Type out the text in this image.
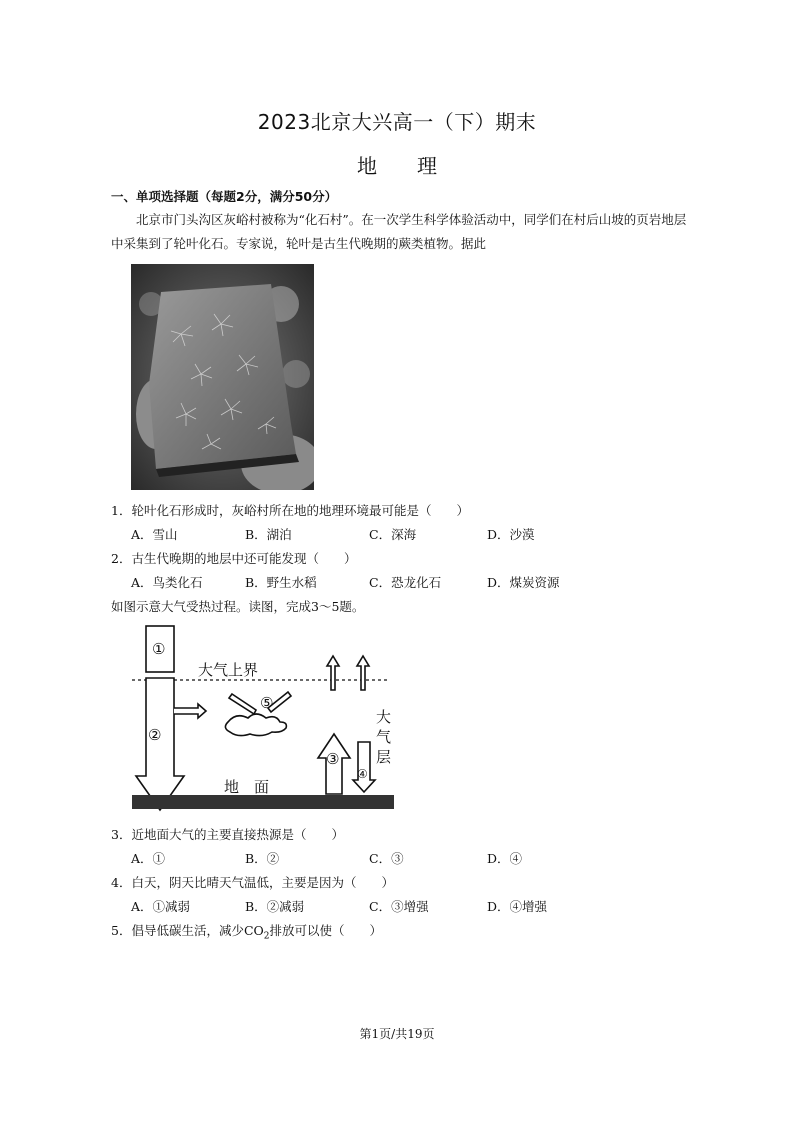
2023北京大兴高一（下）期末
地　　理
一、单项选择题（每题2分，满分50分）
北京市门头沟区灰峪村被称为“化石村”。在一次学生科学体验活动中，同学们在村后山坡的页岩地层中采集到了轮叶化石。专家说，轮叶是古生代晚期的蕨类植物。据此
1．轮叶化石形成时，灰峪村所在地的地理环境最可能是（　　）
A．雪山	B．湖泊	C．深海	D．沙漠
2．古生代晚期的地层中还可能发现（　　）
A．鸟类化石	B．野生水稻	C．恐龙化石	D．煤炭资源
如图示意大气受热过程。读图，完成3～5题。
①
②
③
④
⑤
大气上界
大
气
层
地　面
3．近地面大气的主要直接热源是（　　）
A．①	B．②	C．③	D．④
4．白天，阴天比晴天气温低，主要是因为（　　）
A．①减弱	B．②减弱	C．③增强	D．④增强
5．倡导低碳生活，减少$CO_2$排放可以使（　　）
第1页/共19页
